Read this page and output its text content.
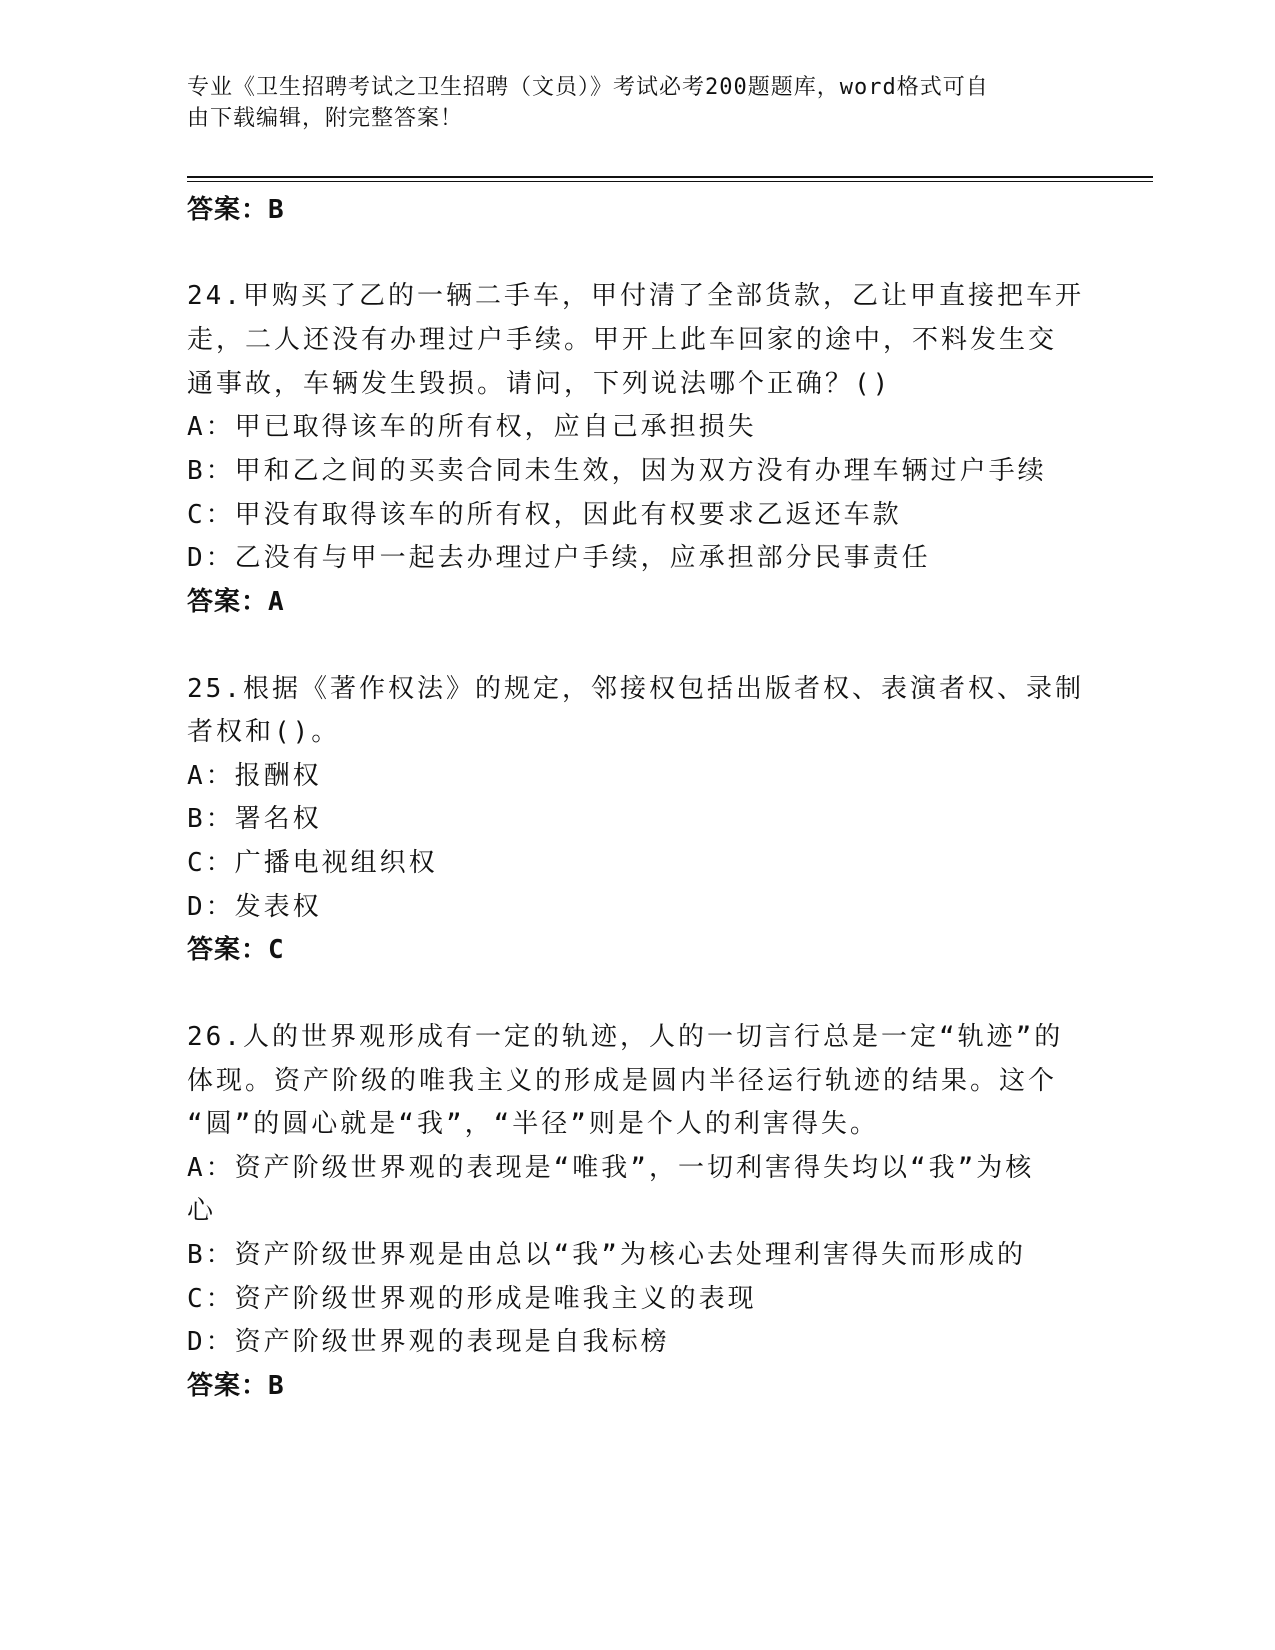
专业《卫生招聘考试之卫生招聘（文员）》考试必考200题题库，word格式可自
由下载编辑，附完整答案！
答案：B
24.甲购买了乙的一辆二手车，甲付清了全部货款，乙让甲直接把车开
走，二人还没有办理过户手续。甲开上此车回家的途中，不料发生交
通事故，车辆发生毁损。请问，下列说法哪个正确？()
A：甲已取得该车的所有权，应自己承担损失
B：甲和乙之间的买卖合同未生效，因为双方没有办理车辆过户手续
C：甲没有取得该车的所有权，因此有权要求乙返还车款
D：乙没有与甲一起去办理过户手续，应承担部分民事责任
答案：A
25.根据《著作权法》的规定，邻接权包括出版者权、表演者权、录制
者权和()。
A：报酬权
B：署名权
C：广播电视组织权
D：发表权
答案：C
26.人的世界观形成有一定的轨迹，人的一切言行总是一定“轨迹”的
体现。资产阶级的唯我主义的形成是圆内半径运行轨迹的结果。这个
“圆”的圆心就是“我”，“半径”则是个人的利害得失。
A：资产阶级世界观的表现是“唯我”，一切利害得失均以“我”为核
心
B：资产阶级世界观是由总以“我”为核心去处理利害得失而形成的
C：资产阶级世界观的形成是唯我主义的表现
D：资产阶级世界观的表现是自我标榜
答案：B
